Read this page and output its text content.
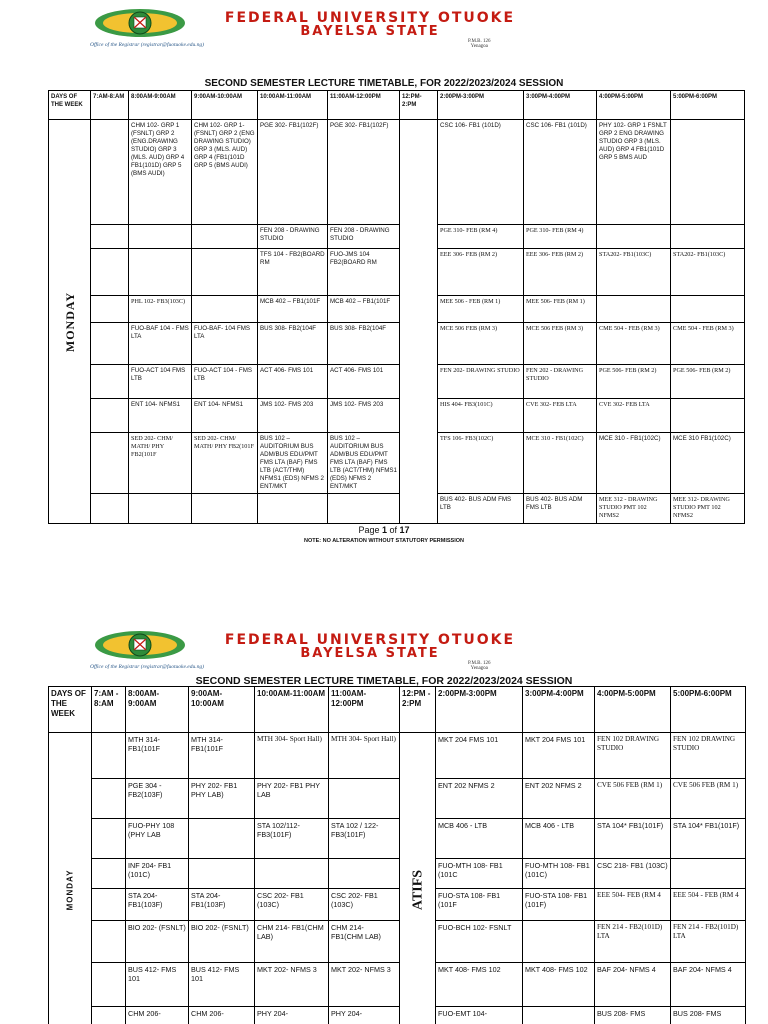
FEDERAL UNIVERSITY OTUOKE
BAYELSA STATE
Office of the Registrar (registrar@fuotuoke.edu.ng)
P.M.B. 126
Yenagoa
SECOND SEMESTER LECTURE TIMETABLE, FOR 2022/2023/2024 SESSION
DAYS OF THE WEEK	7:AM-8:AM	8:00AM-9:00AM	9:00AM-10:00AM	10:00AM-11:00AM	11:00AM-12:00PM	12:PM-2:PM	2:00PM-3:00PM	3:00PM-4:00PM	4:00PM-5:00PM	5:00PM-6:00PM

MONDAY		CHM 102- GRP 1 (FSNLT) GRP 2 (ENG.DRAWING STUDIO) GRP 3 (MLS. AUD) GRP 4 FB1(101D) GRP 5 (BMS AUDI)	CHM 102- GRP 1- (FSNLT) GRP 2 (ENG DRAWING STUDIO) GRP 3 (MLS. AUD) GRP 4 (FB1(101D GRP 5 (BMS AUDI)	PGE 302- FB1(102F)	PGE 302- FB1(102F)		CSC 106- FB1 (101D)	CSC 106- FB1 (101D)	PHY 102- GRP 1 FSNLT GRP 2 ENG DRAWING STUDIO GRP 3 (MLS. AUD) GRP 4 FB1(101D GRP 5 BMS AUD	
				FEN 208 - DRAWING STUDIO	FEN 208 - DRAWING STUDIO		PGE 310- FEB (RM 4)	PGE 310- FEB (RM 4)		
				TFS 104 - FB2(BOARD RM	FUO-JMS 104 FB2(BOARD RM		EEE 306- FEB (RM 2)	EEE 306- FEB (RM 2)	STA202- FB1(103C)	STA202- FB1(103C)
		PHL 102- FB3(103C)		MCB 402 – FB1(101F	MCB 402 – FB1(101F		MEE 506 - FEB (RM 1)	MEE 506- FEB (RM 1)		
		FUO-BAF 104 - FMS LTA	FUO-BAF- 104 FMS LTA	BUS 308- FB2(104F	BUS 308- FB2(104F		MCE 506 FEB (RM 3)	MCE 506 FEB (RM 3)	CME 504 - FEB (RM 3)	CME 504 - FEB (RM 3)
		FUO-ACT 104 FMS LTB	FUO-ACT 104 - FMS LTB	ACT 406- FMS 101	ACT 406- FMS 101		FEN 202- DRAWING STUDIO	FEN 202 - DRAWING STUDIO	PGE 506- FEB (RM 2)	PGE 506- FEB (RM 2)
		ENT 104- NFMS1	ENT 104- NFMS1	JMS 102- FMS 203	JMS 102- FMS 203		HIS 404- FB3(101C)	CVE 302- FEB LTA	CVE 302- FEB LTA	
		SED 202- CHM/ MATH/ PHY FB2(101F	SED 202- CHM/ MATH/ PHY FB2(101F	BUS 102 – AUDITORIUM BUS ADM/BUS EDU/PMT FMS LTA (BAF) FMS LTB (ACT/THM) NFMS1 (EDS) NFMS 2 ENT/MKT	BUS 102 – AUDITORIUM BUS ADM/BUS EDU/PMT FMS LTA (BAF) FMS LTB (ACT/THM) NFMS1 (EDS) NFMS 2 ENT/MKT		TFS 106- FB3(102C)	MCE 310 - FB1(102C)	MCE 310 - FB1(102C)	MCE 310 FB1(102C)
							BUS 402- BUS ADM FMS LTB	BUS 402- BUS ADM FMS LTB	MEE 312 - DRAWING STUDIO PMT 102 NFMS2	MEE 312- DRAWING STUDIO PMT 102 NFMS2
Page 1 of 17
NOTE: NO ALTERATION WITHOUT STATUTORY PERMISSION
FEDERAL UNIVERSITY OTUOKE
BAYELSA STATE
Office of the Registrar (registrar@fuotuoke.edu.ng)
P.M.B. 126
Yenagoa
SECOND SEMESTER LECTURE TIMETABLE, FOR 2022/2023/2024 SESSION
DAYS OF THE WEEK	7:AM - 8:AM	8:00AM-9:00AM	9:00AM-10:00AM	10:00AM-11:00AM	11:00AM-12:00PM	12:PM - 2:PM	2:00PM-3:00PM	3:00PM-4:00PM	4:00PM-5:00PM	5:00PM-6:00PM

MONDAY		MTH 314- FB1(101F	MTH 314- FB1(101F	MTH 304- Sport Hall)	MTH 304- Sport Hall)	ATIFS	MKT 204 FMS 101	MKT 204 FMS 101	FEN 102 DRAWING STUDIO	FEN 102 DRAWING STUDIO
		PGE 304 - FB2(103F)	PHY 202- FB1 PHY LAB)	PHY 202- FB1 PHY LAB			ENT 202 NFMS 2	ENT 202 NFMS 2	CVE 506 FEB (RM 1)	CVE 506 FEB (RM 1)
		FUO-PHY 108 (PHY LAB		STA 102/112- FB3(101F)	STA 102 / 122- FB3(101F)		MCB 406 - LTB	MCB 406 - LTB	STA 104* FB1(101F)	STA 104* FB1(101F)
		INF 204- FB1 (101C)					FUO-MTH 108- FB1 (101C	FUO-MTH 108- FB1 (101C)	CSC 218- FB1 (103C)	
		STA 204- FB1(103F)	STA 204- FB1(103F)	CSC 202- FB1 (103C)	CSC 202- FB1 (103C)		FUO-STA 108- FB1 (101F	FUO-STA 108- FB1 (101F)	EEE 504- FEB (RM 4	EEE 504 - FEB (RM 4
		BIO 202- (FSNLT)	BIO 202- (FSNLT)	CHM 214- FB1(CHM LAB)	CHM 214- FB1(CHM LAB)		FUO-BCH 102- FSNLT		FEN 214 - FB2(101D) LTA	FEN 214 - FB2(101D) LTA
		BUS 412- FMS 101	BUS 412- FMS 101	MKT 202- NFMS 3	MKT 202- NFMS 3		MKT 408- FMS 102	MKT 408- FMS 102	BAF 204- NFMS 4	BAF 204- NFMS 4
		CHM 206-	CHM 206-	PHY 204-	PHY 204-		FUO-EMT 104-		BUS 208- FMS	BUS 208- FMS
